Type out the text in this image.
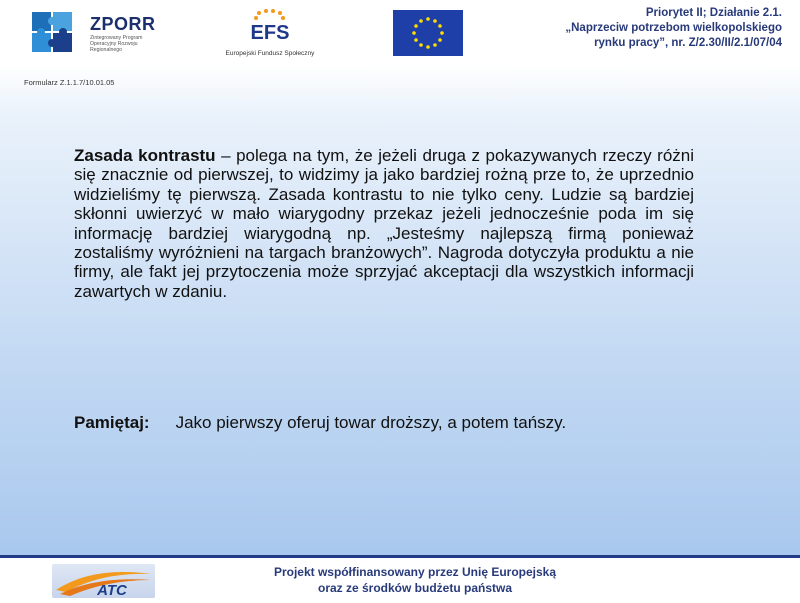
ZPORR
Zintegrowany Program Operacyjny Rozwoju Regionalnego
EFS
Europejski Fundusz Społeczny
Priorytet II; Działanie 2.1.
„Naprzeciw potrzebom wielkopolskiego
rynku pracy”, nr. Z/2.30/II/2.1/07/04
Formularz Z.1.1.7/10.01.05
Zasada kontrastu – polega na tym, że jeżeli druga z pokazywanych rzeczy różni się znacznie od pierwszej, to widzimy ja jako bardziej rożną prze to, że uprzednio widzieliśmy tę pierwszą. Zasada kontrastu to nie tylko ceny. Ludzie są bardziej skłonni uwierzyć w mało wiarygodny przekaz jeżeli jednocześnie poda im się informację bardziej wiarygodną np. „Jesteśmy najlepszą firmą ponieważ zostaliśmy wyróżnieni na targach branżowych”. Nagroda dotyczyła produktu a nie firmy, ale fakt jej przytoczenia może sprzyjać akceptacji dla wszystkich informacji zawartych w zdaniu.
Pamiętaj: Jako pierwszy oferuj towar droższy, a potem tańszy.
ATC
Projekt współfinansowany przez Unię Europejską
oraz ze środków budżetu państwa
